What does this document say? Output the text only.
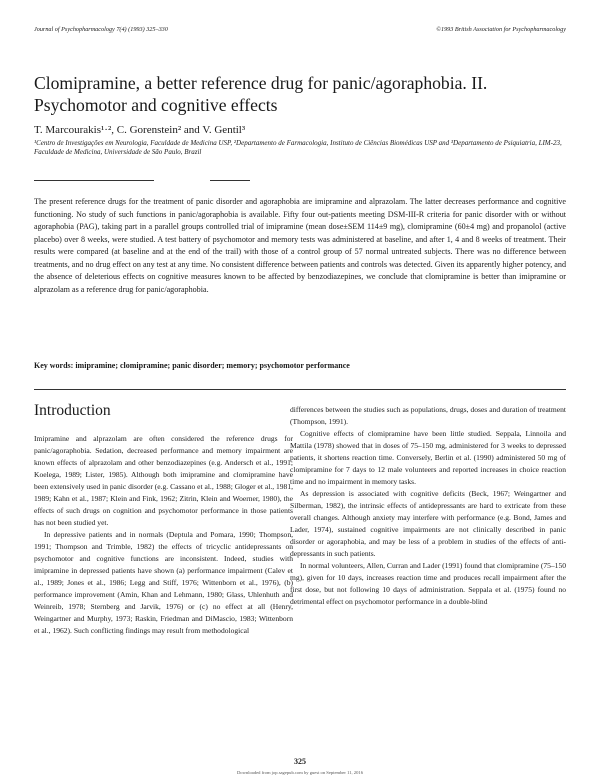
Journal of Psychopharmacology 7(4) (1993) 325–330	©1993 British Association for Psychopharmacology
Clomipramine, a better reference drug for panic/agoraphobia. II. Psychomotor and cognitive effects
T. Marcourakis¹·², C. Gorenstein² and V. Gentil³
¹Centro de Investigações em Neurologia, Faculdade de Medicina USP, ²Departamento de Farmacologia, Instituto de Ciências Biomédicas USP and ³Departamento de Psiquiatria, LIM-23, Faculdade de Medicina, Universidade de São Paulo, Brazil

The present reference drugs for the treatment of panic disorder and agoraphobia are imipramine and alprazolam. The latter decreases performance and cognitive functioning. No study of such functions in panic/agoraphobia is available. Fifty four out-patients meeting DSM-III-R criteria for panic disorder with or without agoraphobia (PAG), taking part in a parallel groups controlled trial of imipramine (mean dose±SEM 114±9 mg), clomipramine (60±4 mg) and propanolol (active placebo) over 8 weeks, were studied. A test battery of psychomotor and memory tests was administered at baseline, and after 1, 4 and 8 weeks of treatment. Their results were compared (at baseline and at the end of the trail) with those of a control group of 57 normal untreated subjects. There was no difference between treatments, and no drug effect on any test at any time. No consistent difference between patients and controls was detected. Given its apparently higher potency, and the absence of deleterious effects on cognitive measures known to be affected by benzodiazepines, we conclude that clomipramine is better than imipramine or alprazolam as a reference drug for panic/agoraphobia.

Key words: imipramine; clomipramine; panic disorder; memory; psychomotor performance
Introduction

Imipramine and alprazolam are often considered the reference drugs for panic/agoraphobia. Sedation, decreased performance and memory impairment are known effects of alprazolam and other benzodiazepines (e.g. Andersch et al., 1991; Koelega, 1989; Lister, 1985). Although both imipramine and clomipramine have been extensively used in panic disorder (e.g. Cassano et al., 1988; Gloger et al., 1981, 1989; Kahn et al., 1987; Klein and Fink, 1962; Zitrin, Klein and Woerner, 1980), the effects of such drugs on cognition and psychomotor performance in those patients has not been studied yet.

In depressive patients and in normals (Deptula and Pomara, 1990; Thompson, 1991; Thompson and Trimble, 1982) the effects of tricyclic antidepressants on psychomotor and cognitive functions are inconsistent. Indeed, studies with imipramine in depressed patients have shown (a) performance impairment (Calev et al., 1989; Jones et al., 1986; Legg and Stiff, 1976; Wittenborn et al., 1976), (b) performance improvement (Amin, Khan and Lehmann, 1980; Glass, Uhlenhuth and Weinreib, 1978; Sternberg and Jarvik, 1976) or (c) no effect at all (Henry, Weingartner and Murphy, 1973; Raskin, Friedman and DiMascio, 1983; Wittenborn et al., 1962). Such conflicting findings may result from methodological

differences between the studies such as populations, drugs, doses and duration of treatment (Thompson, 1991).

Cognitive effects of clomipramine have been little studied. Seppala, Linnoila and Mattila (1978) showed that in doses of 75–150 mg, administered for 3 weeks to depressed patients, it shortens reaction time. Conversely, Berlin et al. (1990) administered 50 mg of clomipramine for 7 days to 12 male volunteers and reported increases in choice reaction time and no impairment in memory tasks.

As depression is associated with cognitive deficits (Beck, 1967; Weingartner and Silberman, 1982), the intrinsic effects of antidepressants are hard to extricate from these overall changes. Although anxiety may interfere with performance (e.g. Bond, James and Lader, 1974), sustained cognitive impairments are not clinically described in panic disorder or agoraphobia, and may be less of a problem in studies of the effects of anti-depressants in such patients.

In normal volunteers, Allen, Curran and Lader (1991) found that clomipramine (75–150 mg), given for 10 days, increases reaction time and produces recall impairment after the first dose, but not following 10 days of administration. Seppala et al. (1975) found no detrimental effect on psychomotor performance in a double-blind

325
Downloaded from jop.sagepub.com by guest on September 11, 2016
